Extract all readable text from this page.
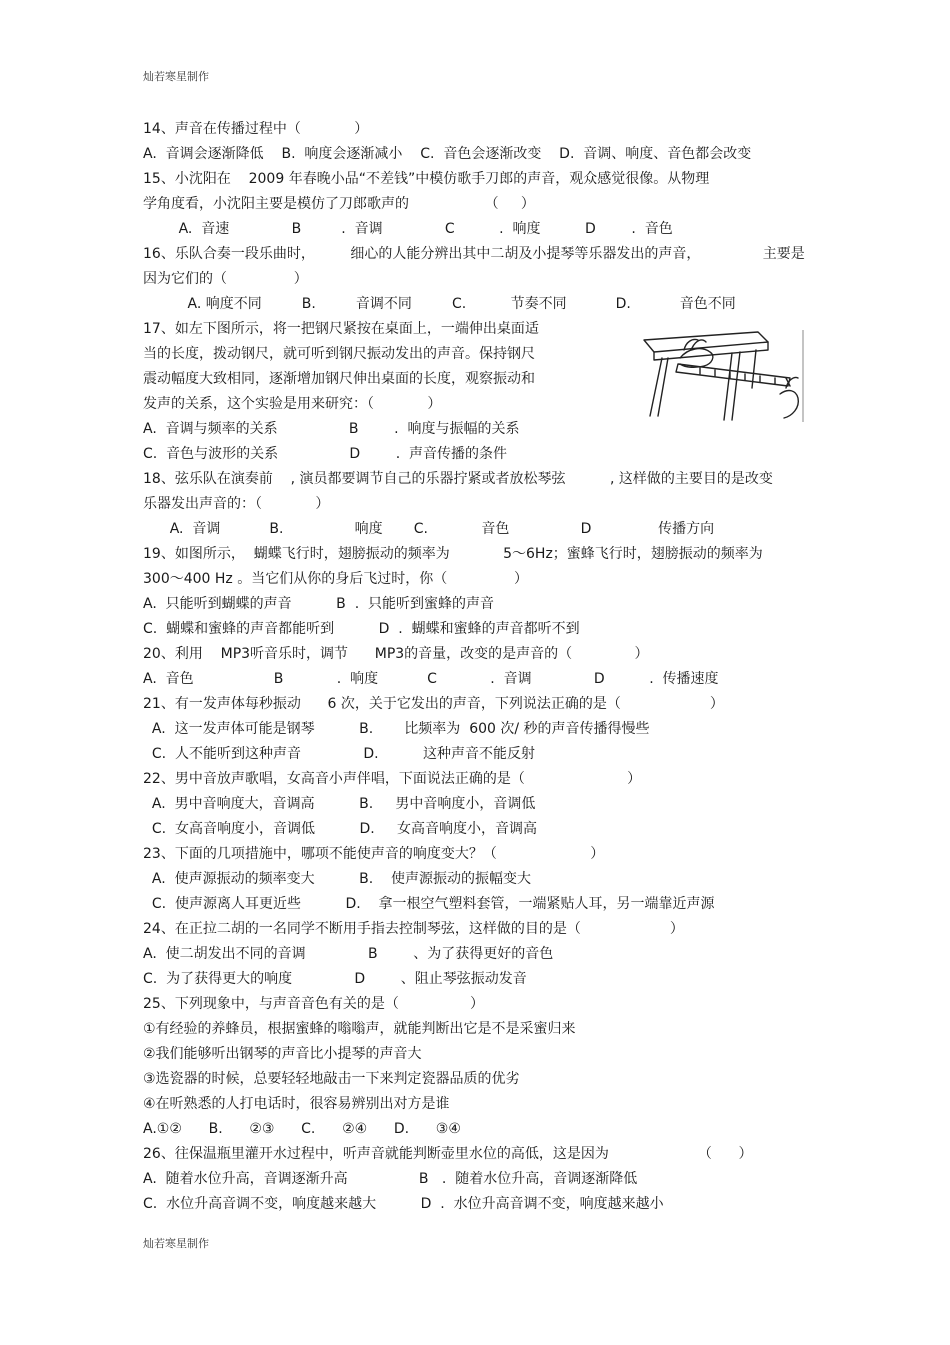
灿若寒星制作
14、声音在传播过程中（            ）
A.  音调会逐渐降低    B.  响度会逐渐减小    C.  音色会逐渐改变    D.  音调、响度、音色都会改变
15、小沈阳在    2009 年春晚小品“不差钱”中模仿歌手刀郎的声音，观众感觉很像。从物理
学角度看，小沈阳主要是模仿了刀郎歌声的                 （     ）
A.  音速              B         .  音调              C          .  响度          D        .  音色
16、乐队合奏一段乐曲时，        细心的人能分辨出其中二胡及小提琴等乐器发出的声音，              主要是
因为它们的（               ）
A. 响度不同         B.         音调不同         C.          节奏不同           D.           音色不同
17、如左下图所示，将一把钢尺紧按在桌面上，一端伸出桌面适
当的长度，拨动钢尺，就可听到钢尺振动发出的声音。保持钢尺
震动幅度大致相同，逐渐增加钢尺伸出桌面的长度，观察振动和
发声的关系，这个实验是用来研究：（            ）
A.  音调与频率的关系                B        .  响度与振幅的关系
C.  音色与波形的关系                D        .  声音传播的条件
18、弦乐队在演奏前    , 演员都要调节自己的乐器拧紧或者放松琴弦          , 这样做的主要目的是改变
乐器发出声音的：（            ）
A.  音调           B.                响度       C.            音色                D               传播方向
19、如图所示，  蝴蝶飞行时，翅膀振动的频率为            5～6Hz；蜜蜂飞行时，翅膀振动的频率为
300～400 Hz 。当它们从你的身后飞过时，你（               ）
A.  只能听到蝴蝶的声音          B  .  只能听到蜜蜂的声音
C.  蝴蝶和蜜蜂的声音都能听到          D  .  蝴蝶和蜜蜂的声音都听不到
20、利用    MP3听音乐时，调节      MP3的音量，改变的是声音的（              ）
A.  音色                  B            .  响度           C            .  音调              D          .  传播速度
21、有一发声体每秒振动      6 次，关于它发出的声音，下列说法正确的是（                    ）
A.  这一发声体可能是钢琴          B.       比频率为  600 次/ 秒的声音传播得慢些
C.  人不能听到这种声音              D.          这种声音不能反射
22、男中音放声歌唱，女高音小声伴唱，下面说法正确的是（                       ）
A.  男中音响度大，音调高          B.     男中音响度小，音调低
C.  女高音响度小，音调低          D.     女高音响度小，音调高
23、下面的几项措施中，哪项不能使声音的响度变大？（                     ）
A.  使声源振动的频率变大          B.    使声源振动的振幅变大
C.  使声源离人耳更近些          D.    拿一根空气塑料套管，一端紧贴人耳，另一端靠近声源
24、在正拉二胡的一名同学不断用手指去控制琴弦，这样做的目的是（                    ）
A.  使二胡发出不同的音调              B        、为了获得更好的音色
C.  为了获得更大的响度              D        、阻止琴弦振动发音
25、下列现象中，与声音音色有关的是（                ）
①有经验的养蜂员，根据蜜蜂的嗡嗡声，就能判断出它是不是采蜜归来
②我们能够听出钢琴的声音比小提琴的声音大
③选瓷器的时候，总要轻轻地敲击一下来判定瓷器品质的优劣
④在听熟悉的人打电话时，很容易辨别出对方是谁
A.①②      B.      ②③      C.      ②④      D.      ③④
26、往保温瓶里灌开水过程中，听声音就能判断壶里水位的高低，这是因为                    （      ）
A.  随着水位升高，音调逐渐升高                B   .  随着水位升高，音调逐渐降低
C.  水位升高音调不变，响度越来越大          D  .  水位升高音调不变，响度越来越小
灿若寒星制作
